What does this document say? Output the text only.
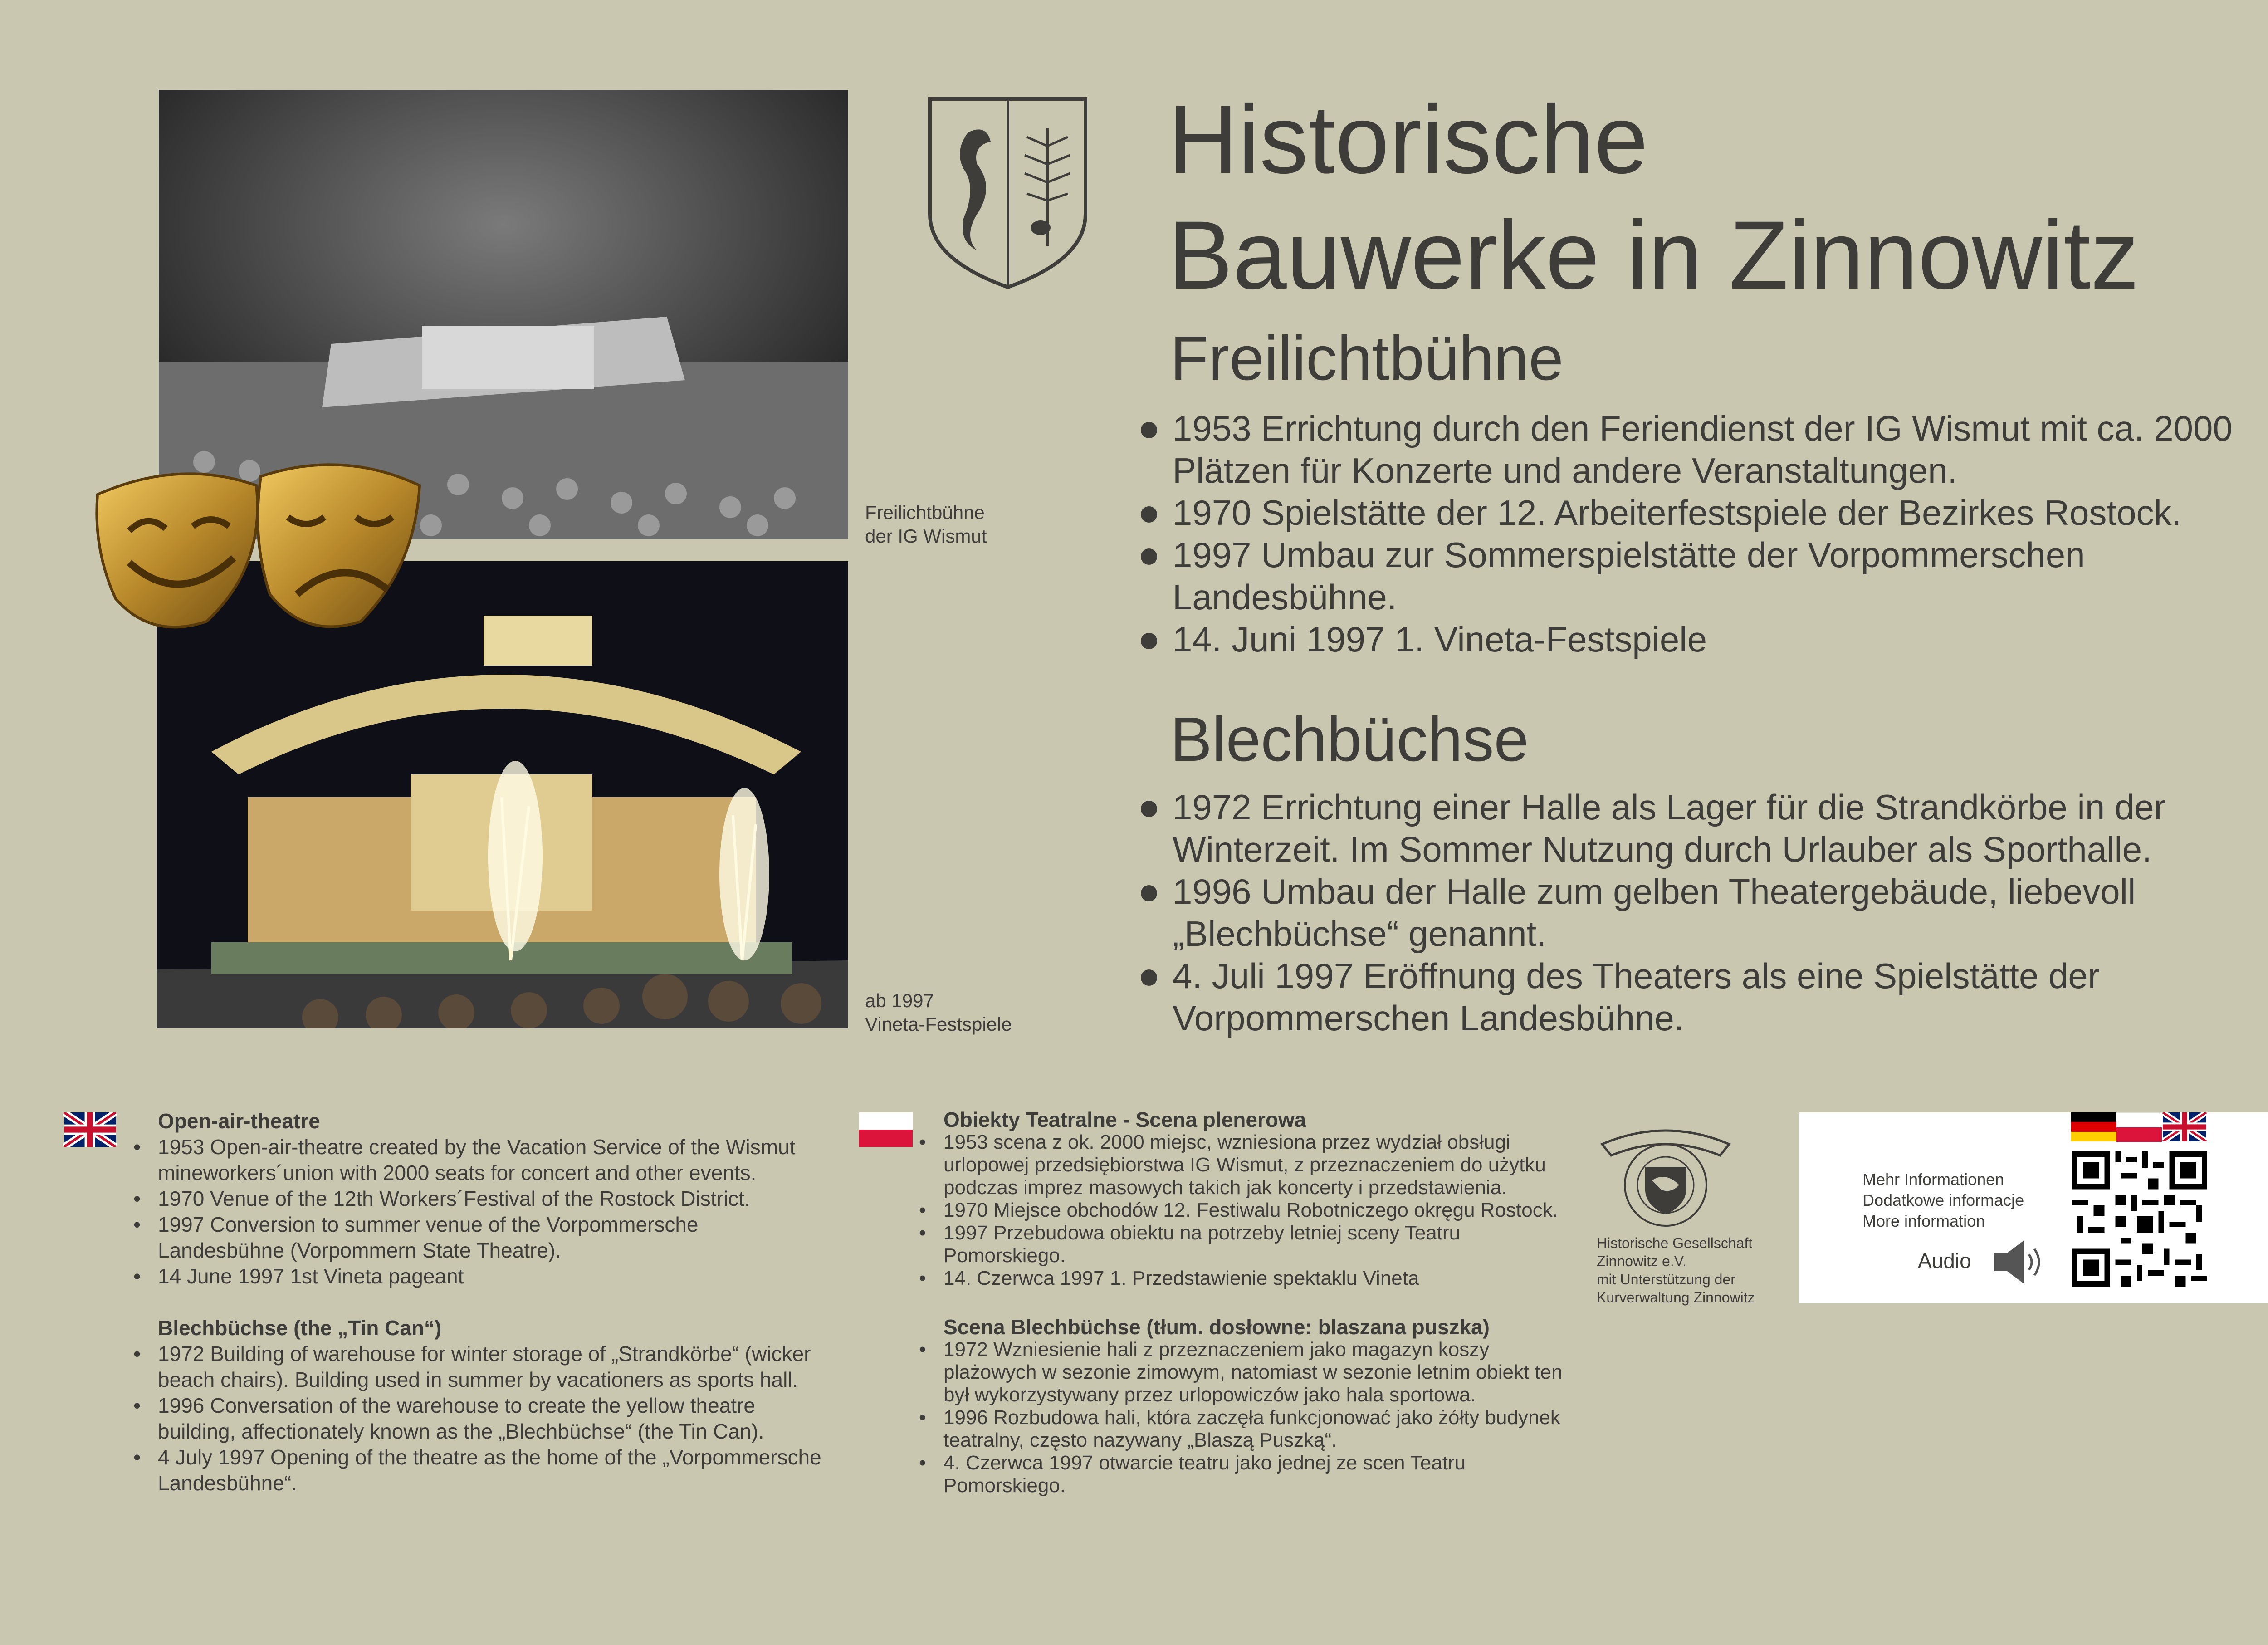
Freilichtbühne
der IG Wismut
ab 1997
Vineta-Festspiele
Historische
Bauwerke in Zinnowitz
Freilichtbühne
1953 Errichtung durch den Feriendienst der IG Wismut mit ca. 2000 Plätzen für Konzerte und andere Veranstaltungen.
1970 Spielstätte der 12. Arbeiterfestspiele der Bezirkes Rostock.
1997 Umbau zur Sommerspielstätte der Vorpommerschen Landesbühne.
14. Juni 1997 1. Vineta-Festspiele
Blechbüchse
1972 Errichtung einer Halle als Lager für die Strandkörbe in der Winterzeit. Im Sommer Nutzung durch Urlauber als Sporthalle.
1996 Umbau der Halle zum gelben Theatergebäude, liebevoll „Blechbüchse“ genannt.
4. Juli 1997 Eröffnung des Theaters als eine Spielstätte der Vorpommerschen Landesbühne.
Open-air-theatre
• 1953 Open-air-theatre created by the Vacation Service of the Wismut mineworkers´union with 2000 seats for concert and other events.
• 1970 Venue of the 12th Workers´Festival of the Rostock District.
• 1997 Conversion to summer venue of the Vorpommersche Landesbühne (Vorpommern State Theatre).
• 14 June 1997 1st Vineta pageant
Blechbüchse (the „Tin Can“)
• 1972 Building of warehouse for winter storage of „Strandkörbe“ (wicker beach chairs). Building used in summer by vacationers as sports hall.
• 1996 Conversation of the warehouse to create the yellow theatre building, affectionately known as the „Blechbüchse“ (the Tin Can).
• 4 July 1997 Opening of the theatre as the home of the „Vorpommersche Landesbühne“.
Obiekty Teatralne - Scena plenerowa
• 1953 scena z ok. 2000 miejsc, wzniesiona przez wydział obsługi urlopowej przedsiębiorstwa IG Wismut, z przeznaczeniem do użytku podczas imprez masowych takich jak koncerty i przedstawienia.
• 1970 Miejsce obchodów 12. Festiwalu Robotniczego okręgu Rostock.
• 1997 Przebudowa obiektu na potrzeby letniej sceny Teatru Pomorskiego.
• 14. Czerwca 1997 1. Przedstawienie spektaklu Vineta
Scena Blechbüchse (tłum. dosłowne: blaszana puszka)
• 1972 Wzniesienie hali z przeznaczeniem jako magazyn koszy plażowych w sezonie zimowym, natomiast w sezonie letnim obiekt ten był wykorzystywany przez urlopowiczów jako hala sportowa.
• 1996 Rozbudowa hali, która zaczęła funkcjonować jako żółty budynek teatralny, często nazywany „Blaszą Puszką“.
• 4. Czerwca 1997 otwarcie teatru jako jednej ze scen Teatru Pomorskiego.
Historische Gesellschaft
Zinnowitz e.V.
mit Unterstützung der
Kurverwaltung Zinnowitz
Mehr Informationen
Dodatkowe informacje
More information
Audio
